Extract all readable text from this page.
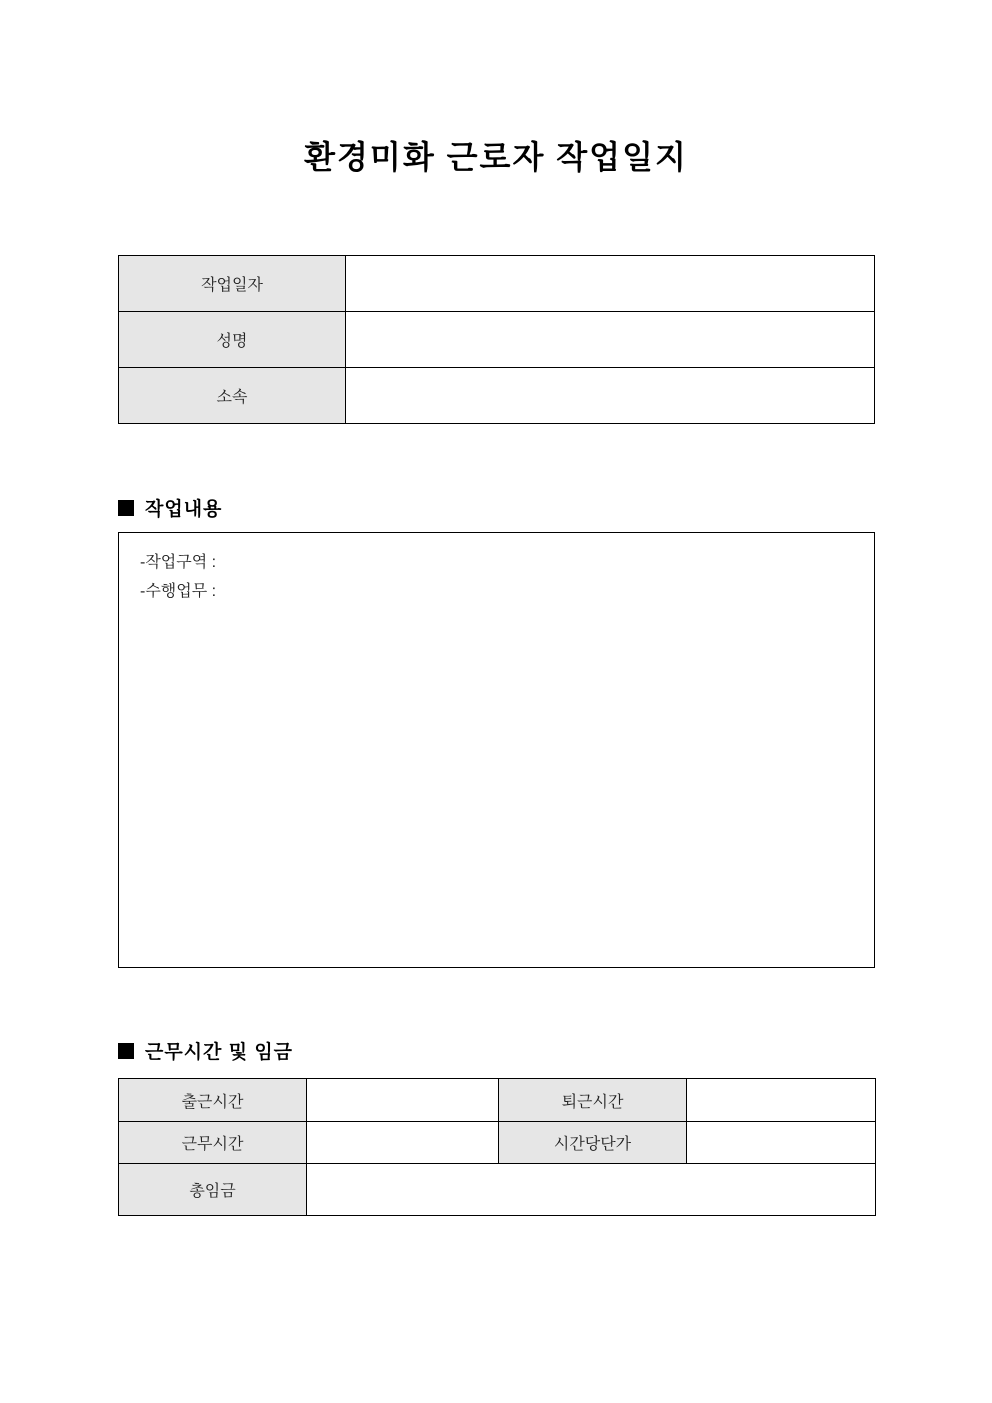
환경미화 근로자 작업일지
작업일자	
성명	
소속	
작업내용
-작업구역 :
-수행업무 :
근무시간 및 임금
출근시간		퇴근시간	
근무시간		시간당단가	
총임금			
